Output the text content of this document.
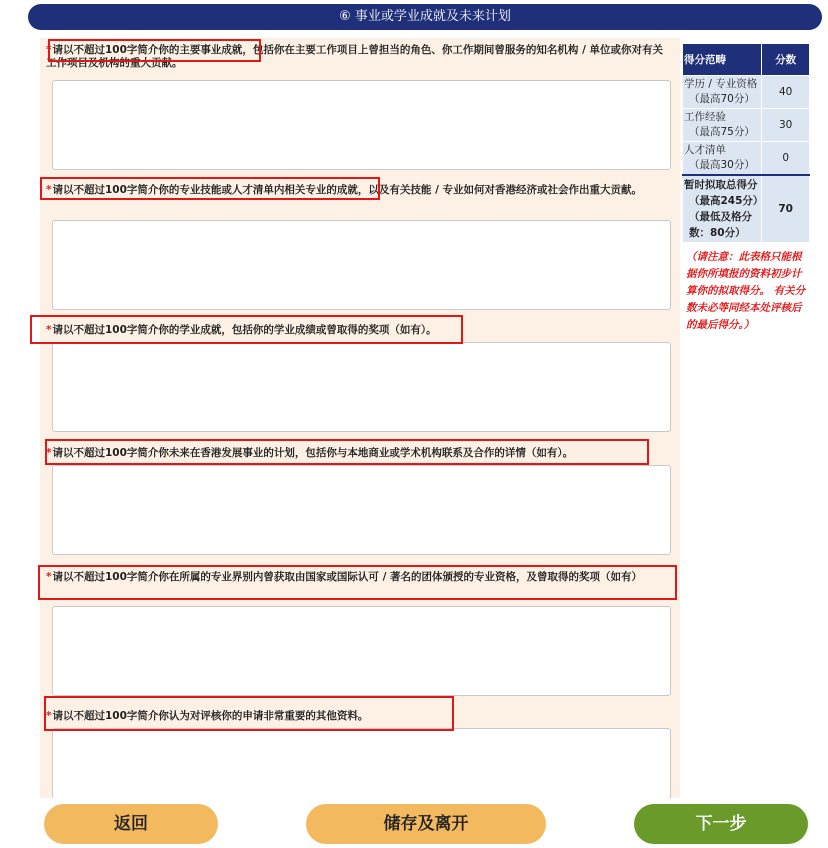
⑥ 事业或学业成就及未来计划
*请以不超过100字简介你的主要事业成就，包括你在主要工作项目上曾担当的角色、你工作期间曾服务的知名机构 / 单位或你对有关工作项目及机构的重大贡献。
*请以不超过100字简介你的专业技能或人才清单内相关专业的成就，以及有关技能 / 专业如何对香港经济或社会作出重大贡献。
*请以不超过100字简介你的学业成就，包括你的学业成绩或曾取得的奖项（如有）。
*请以不超过100字简介你未来在香港发展事业的计划，包括你与本地商业或学术机构联系及合作的详情（如有）。
*请以不超过100字简介你在所属的专业界别内曾获取由国家或国际认可 / 著名的团体颁授的专业资格，及曾取得的奖项（如有）
*请以不超过100字简介你认为对评核你的申请非常重要的其他资料。
得分范畴	分数
学历 / 专业资格
（最高70分）	40
工作经验
（最高75分）	30
人才清单
（最高30分）	0
暂时拟取总得分
（最高245分）
（最低及格分数：80分）	70
（请注意：此表格只能根据你所填报的资料初步计算你的拟取得分。 有关分数未必等同经本处评核后的最后得分。）
返回	储存及离开	下一步
